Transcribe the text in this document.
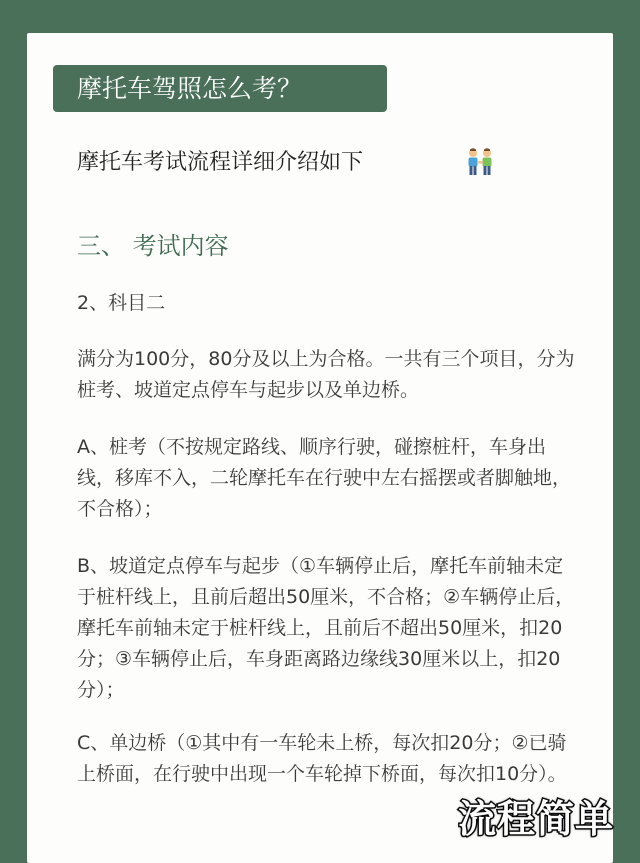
摩托车驾照怎么考？
摩托车考试流程详细介绍如下
三、 考试内容
2、科目二
满分为100分，80分及以上为合格。一共有三个项目，分为桩考、坡道定点停车与起步以及单边桥。
A、桩考（不按规定路线、顺序行驶，碰擦桩杆，车身出线，移库不入，二轮摩托车在行驶中左右摇摆或者脚触地，不合格）；
B、坡道定点停车与起步（①车辆停止后，摩托车前轴未定于桩杆线上，且前后超出50厘米，不合格；②车辆停止后，摩托车前轴未定于桩杆线上，且前后不超出50厘米，扣20分；③车辆停止后，车身距离路边缘线30厘米以上，扣20分）；
C、单边桥（①其中有一车轮未上桥，每次扣20分；②已骑上桥面，在行驶中出现一个车轮掉下桥面，每次扣10分）。
流程简单
